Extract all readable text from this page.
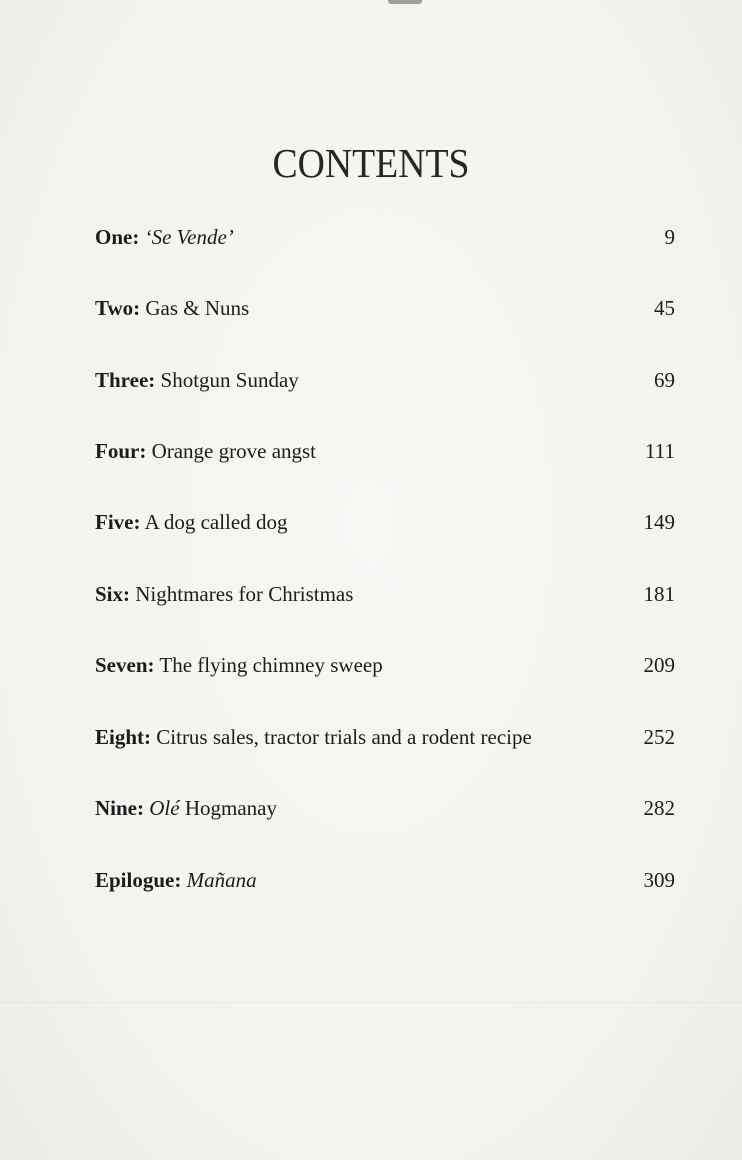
CONTENTS
One: ‘Se Vende’	9
Two: Gas & Nuns	45
Three: Shotgun Sunday	69
Four: Orange grove angst	111
Five: A dog called dog	149
Six: Nightmares for Christmas	181
Seven: The flying chimney sweep	209
Eight: Citrus sales, tractor trials and a rodent recipe	252
Nine: Olé Hogmanay	282
Epilogue: Mañana	309
